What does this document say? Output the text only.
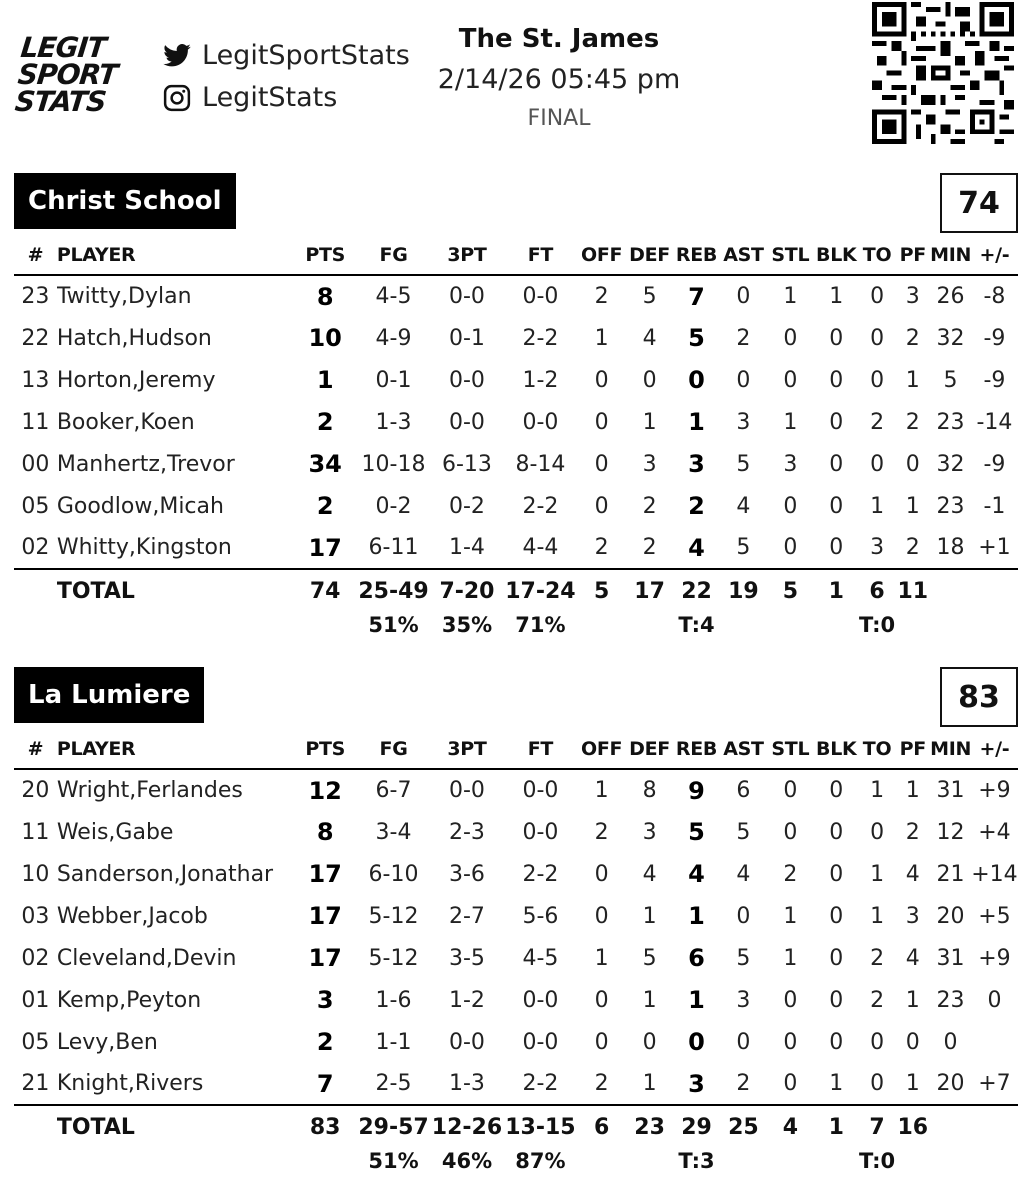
LEGIT
SPORT
STATS
LegitSportStats
LegitStats
The St. James
2/14/26 05:45 pm
FINAL
Christ School	74
#	PLAYER	PTS	FG	3PT	FT	OFF	DEF	REB	AST	STL	BLK	TO	PF	MIN	+/-
23	Twitty,Dylan	8	4-5	0-0	0-0	2	5	7	0	1	1	0	3	26	-8
22	Hatch,Hudson	10	4-9	0-1	2-2	1	4	5	2	0	0	0	2	32	-9
13	Horton,Jeremy	1	0-1	0-0	1-2	0	0	0	0	0	0	0	1	5	-9
11	Booker,Koen	2	1-3	0-0	0-0	0	1	1	3	1	0	2	2	23	-14
00	Manhertz,Trevor	34	10-18	6-13	8-14	0	3	3	5	3	0	0	0	32	-9
05	Goodlow,Micah	2	0-2	0-2	2-2	0	2	2	4	0	0	1	1	23	-1
02	Whitty,Kingston	17	6-11	1-4	4-4	2	2	4	5	0	0	3	2	18	+1
	TOTAL	74	25-49	7-20	17-24	5	17	22	19	5	1	6	11		
			51%	35%	71%			T:4				T:0			
La Lumiere	83
#	PLAYER	PTS	FG	3PT	FT	OFF	DEF	REB	AST	STL	BLK	TO	PF	MIN	+/-
20	Wright,Ferlandes	12	6-7	0-0	0-0	1	8	9	6	0	0	1	1	31	+9
11	Weis,Gabe	8	3-4	2-3	0-0	2	3	5	5	0	0	0	2	12	+4
10	Sanderson,Jonathar	17	6-10	3-6	2-2	0	4	4	4	2	0	1	4	21	+14
03	Webber,Jacob	17	5-12	2-7	5-6	0	1	1	0	1	0	1	3	20	+5
02	Cleveland,Devin	17	5-12	3-5	4-5	1	5	6	5	1	0	2	4	31	+9
01	Kemp,Peyton	3	1-6	1-2	0-0	0	1	1	3	0	0	2	1	23	0
05	Levy,Ben	2	1-1	0-0	0-0	0	0	0	0	0	0	0	0	0	
21	Knight,Rivers	7	2-5	1-3	2-2	2	1	3	2	0	1	0	1	20	+7
	TOTAL	83	29-57	12-26	13-15	6	23	29	25	4	1	7	16		
			51%	46%	87%			T:3				T:0			
